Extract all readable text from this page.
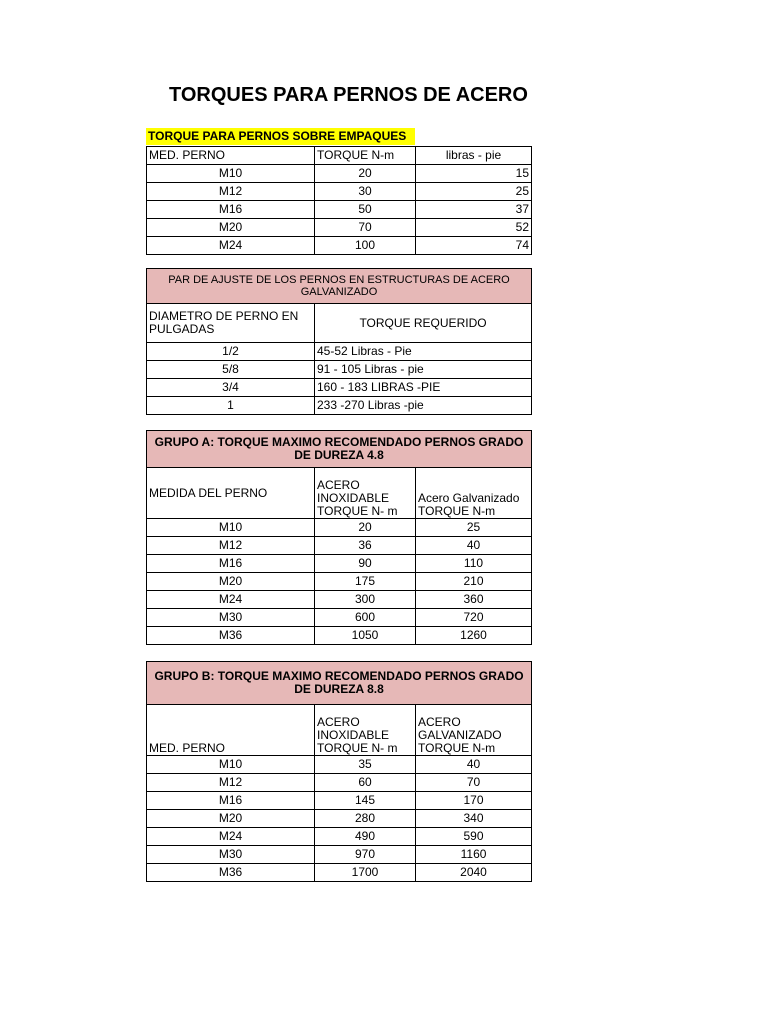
TORQUES PARA PERNOS DE ACERO
TORQUE PARA PERNOS SOBRE EMPAQUES
MED. PERNO	TORQUE N-m	libras - pie
M10	20	15
M12	30	25
M16	50	37
M20	70	52
M24	100	74
PAR DE AJUSTE DE LOS PERNOS EN ESTRUCTURAS DE ACERO GALVANIZADO	
DIAMETRO DE PERNO EN PULGADAS	TORQUE REQUERIDO
1/2	45-52 Libras - Pie
5/8	91 - 105 Libras - pie
3/4	160 - 183 LIBRAS -PIE
1	233 -270 Libras -pie
GRUPO A: TORQUE MAXIMO RECOMENDADO PERNOS GRADO DE DUREZA 4.8		
MEDIDA DEL PERNO	ACERO INOXIDABLE TORQUE N- m	Acero Galvanizado TORQUE N-m
M10	20	25
M12	36	40
M16	90	110
M20	175	210
M24	300	360
M30	600	720
M36	1050	1260
GRUPO B: TORQUE MAXIMO RECOMENDADO PERNOS GRADO DE DUREZA 8.8		
MED. PERNO	ACERO INOXIDABLE TORQUE N- m	ACERO GALVANIZADO TORQUE N-m
M10	35	40
M12	60	70
M16	145	170
M20	280	340
M24	490	590
M30	970	1160
M36	1700	2040
